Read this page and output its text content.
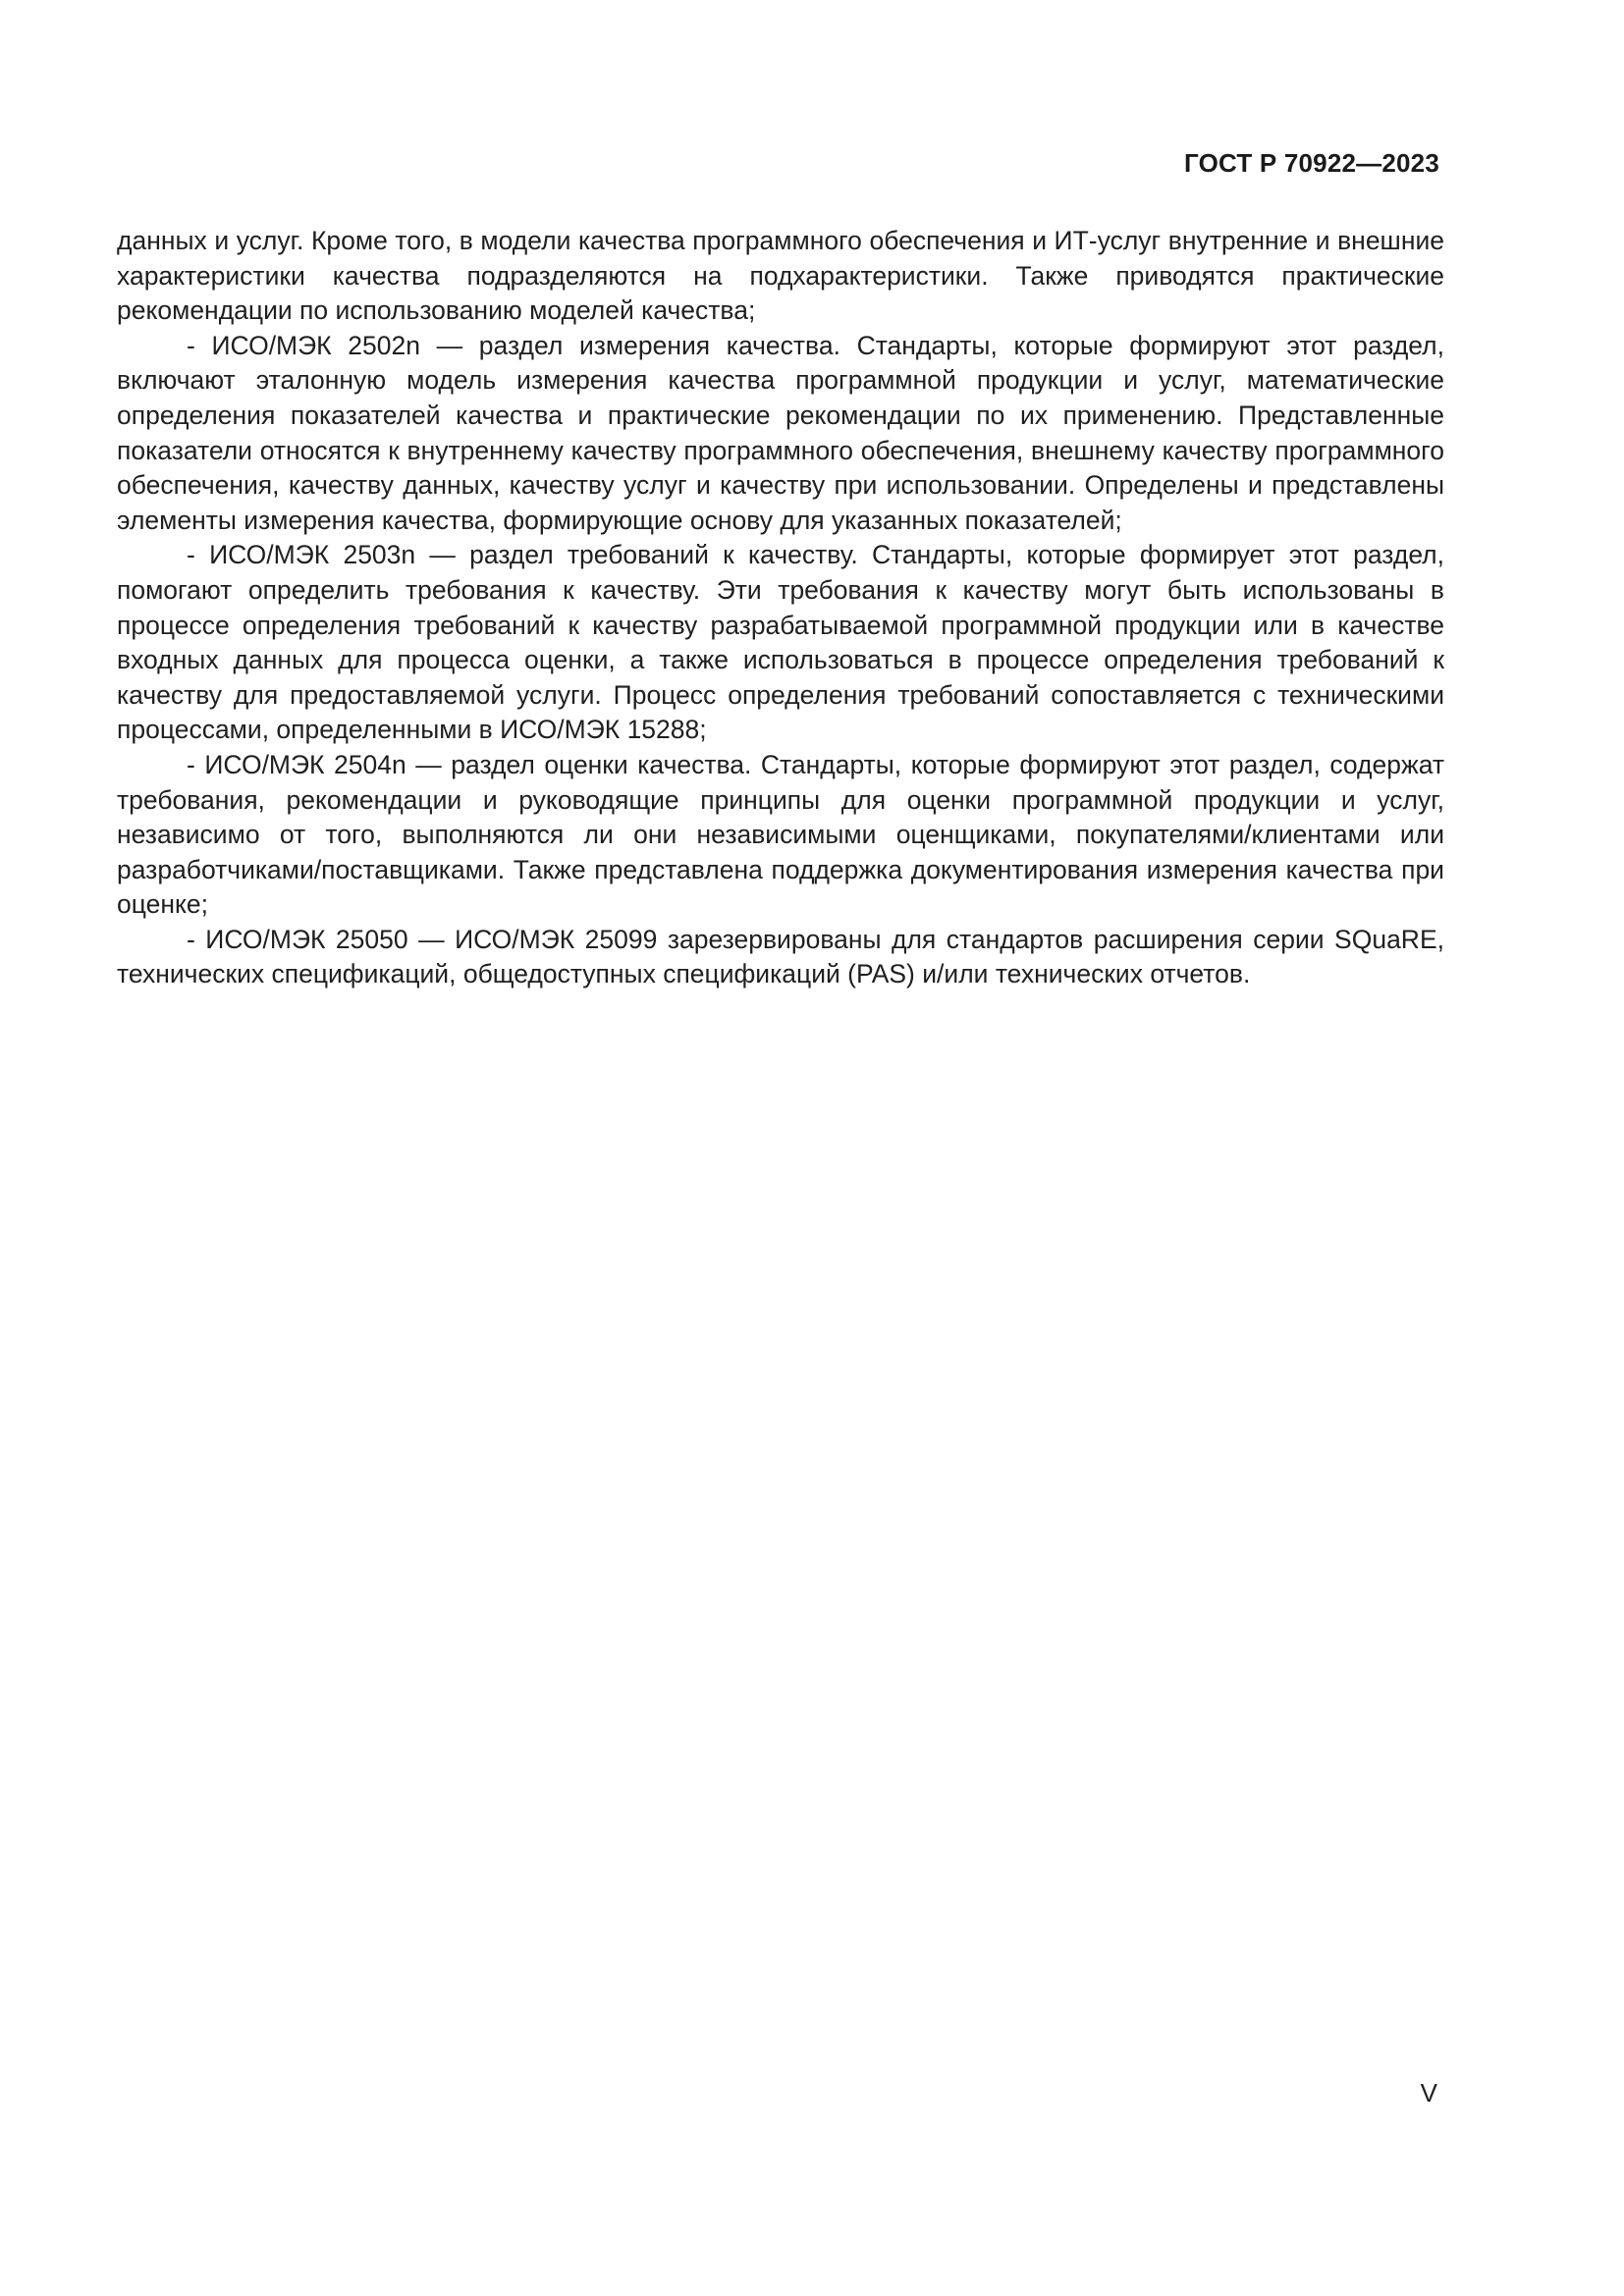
ГОСТ Р 70922—2023

данных и услуг. Кроме того, в модели качества программного обеспечения и ИТ-услуг внутренние и внешние характеристики качества подразделяются на подхарактеристики. Также приводятся практические рекомендации по использованию моделей качества;

- ИСО/МЭК 2502n — раздел измерения качества. Стандарты, которые формируют этот раздел, включают эталонную модель измерения качества программной продукции и услуг, математические определения показателей качества и практические рекомендации по их применению. Представленные показатели относятся к внутреннему качеству программного обеспечения, внешнему качеству программного обеспечения, качеству данных, качеству услуг и качеству при использовании. Определены и представлены элементы измерения качества, формирующие основу для указанных показателей;

- ИСО/МЭК 2503n — раздел требований к качеству. Стандарты, которые формирует этот раздел, помогают определить требования к качеству. Эти требования к качеству могут быть использованы в процессе определения требований к качеству разрабатываемой программной продукции или в качестве входных данных для процесса оценки, а также использоваться в процессе определения требований к качеству для предоставляемой услуги. Процесс определения требований сопоставляется с техническими процессами, определенными в ИСО/МЭК 15288;

- ИСО/МЭК 2504n — раздел оценки качества. Стандарты, которые формируют этот раздел, содержат требования, рекомендации и руководящие принципы для оценки программной продукции и услуг, независимо от того, выполняются ли они независимыми оценщиками, покупателями/клиентами или разработчиками/поставщиками. Также представлена поддержка документирования измерения качества при оценке;

- ИСО/МЭК 25050 — ИСО/МЭК 25099 зарезервированы для стандартов расширения серии SQuaRE, технических спецификаций, общедоступных спецификаций (PAS) и/или технических отчетов.

V
